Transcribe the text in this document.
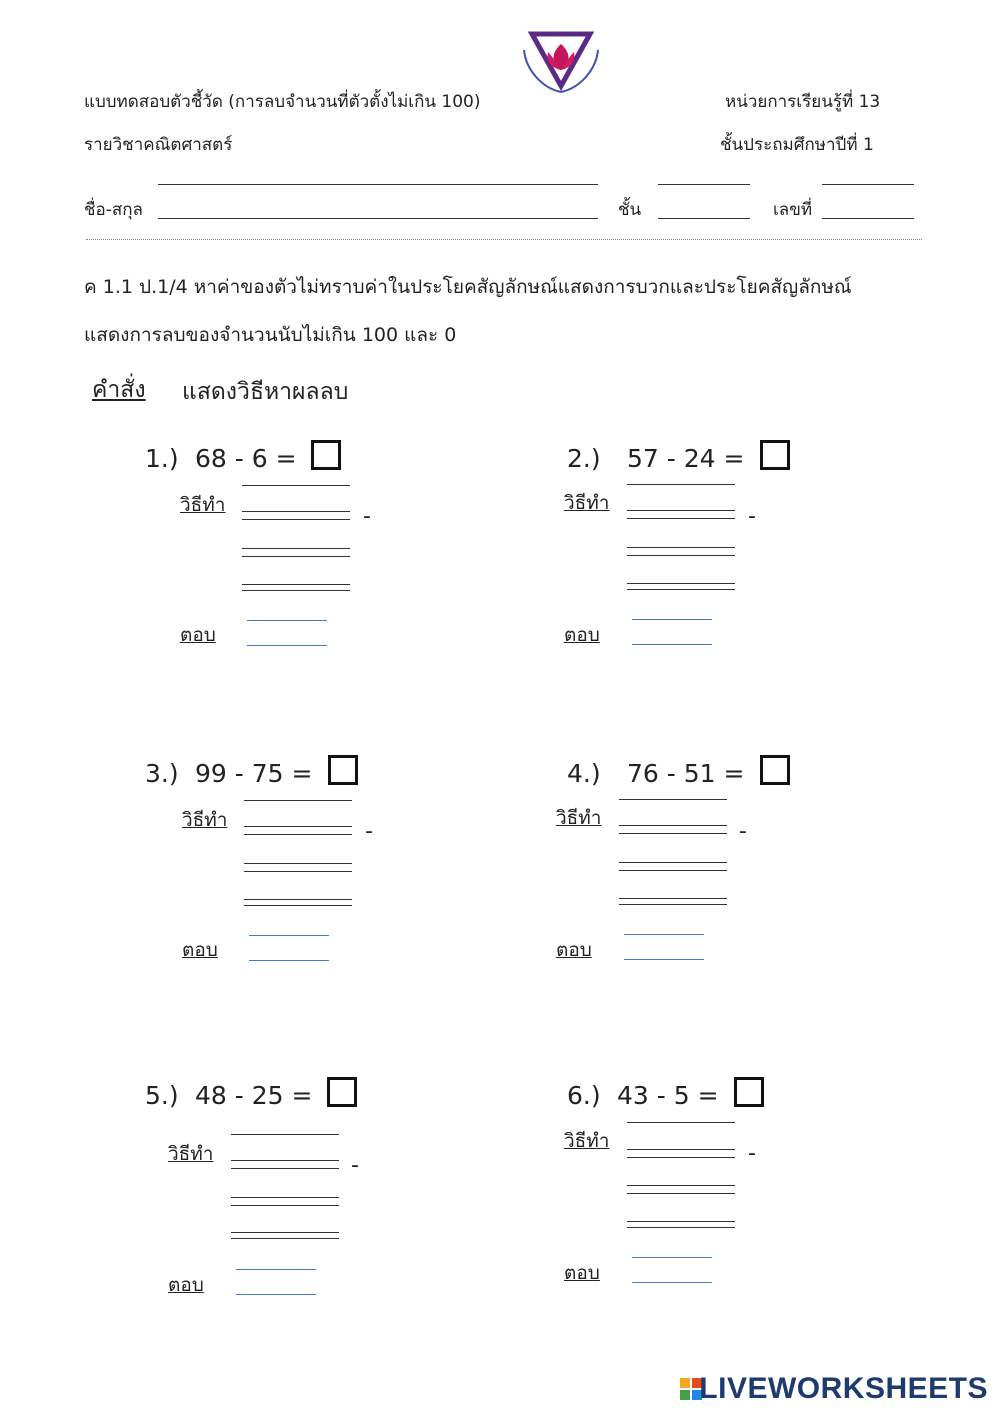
แบบทดสอบตัวชี้วัด (การลบจำนวนที่ตัวตั้งไม่เกิน 100)	หน่วยการเรียนรู้ที่ 13
รายวิชาคณิตศาสตร์	ชั้นประถมศึกษาปีที่ 1
ชื่อ-สกุล	ชั้น	เลขที่
ค 1.1 ป.1/4 หาค่าของตัวไม่ทราบค่าในประโยคสัญลักษณ์แสดงการบวกและประโยคสัญลักษณ์
แสดงการลบของจำนวนนับไม่เกิน 100 และ 0
คำสั่ง แสดงวิธีหาผลลบ
1.) 68 - 6 =
วิธีทำ	-
ตอบ
2.) 57 - 24 =
วิธีทำ
-
ตอบ
3.) 99 - 75 =
วิธีทำ	-
ตอบ
4.) 76 - 51 =
วิธีทำ
-
ตอบ
5.) 48 - 25 =
วิธีทำ	-
ตอบ
6.) 43 - 5 =
วิธีทำ	-
ตอบ
LIVEWORKSHEETS
